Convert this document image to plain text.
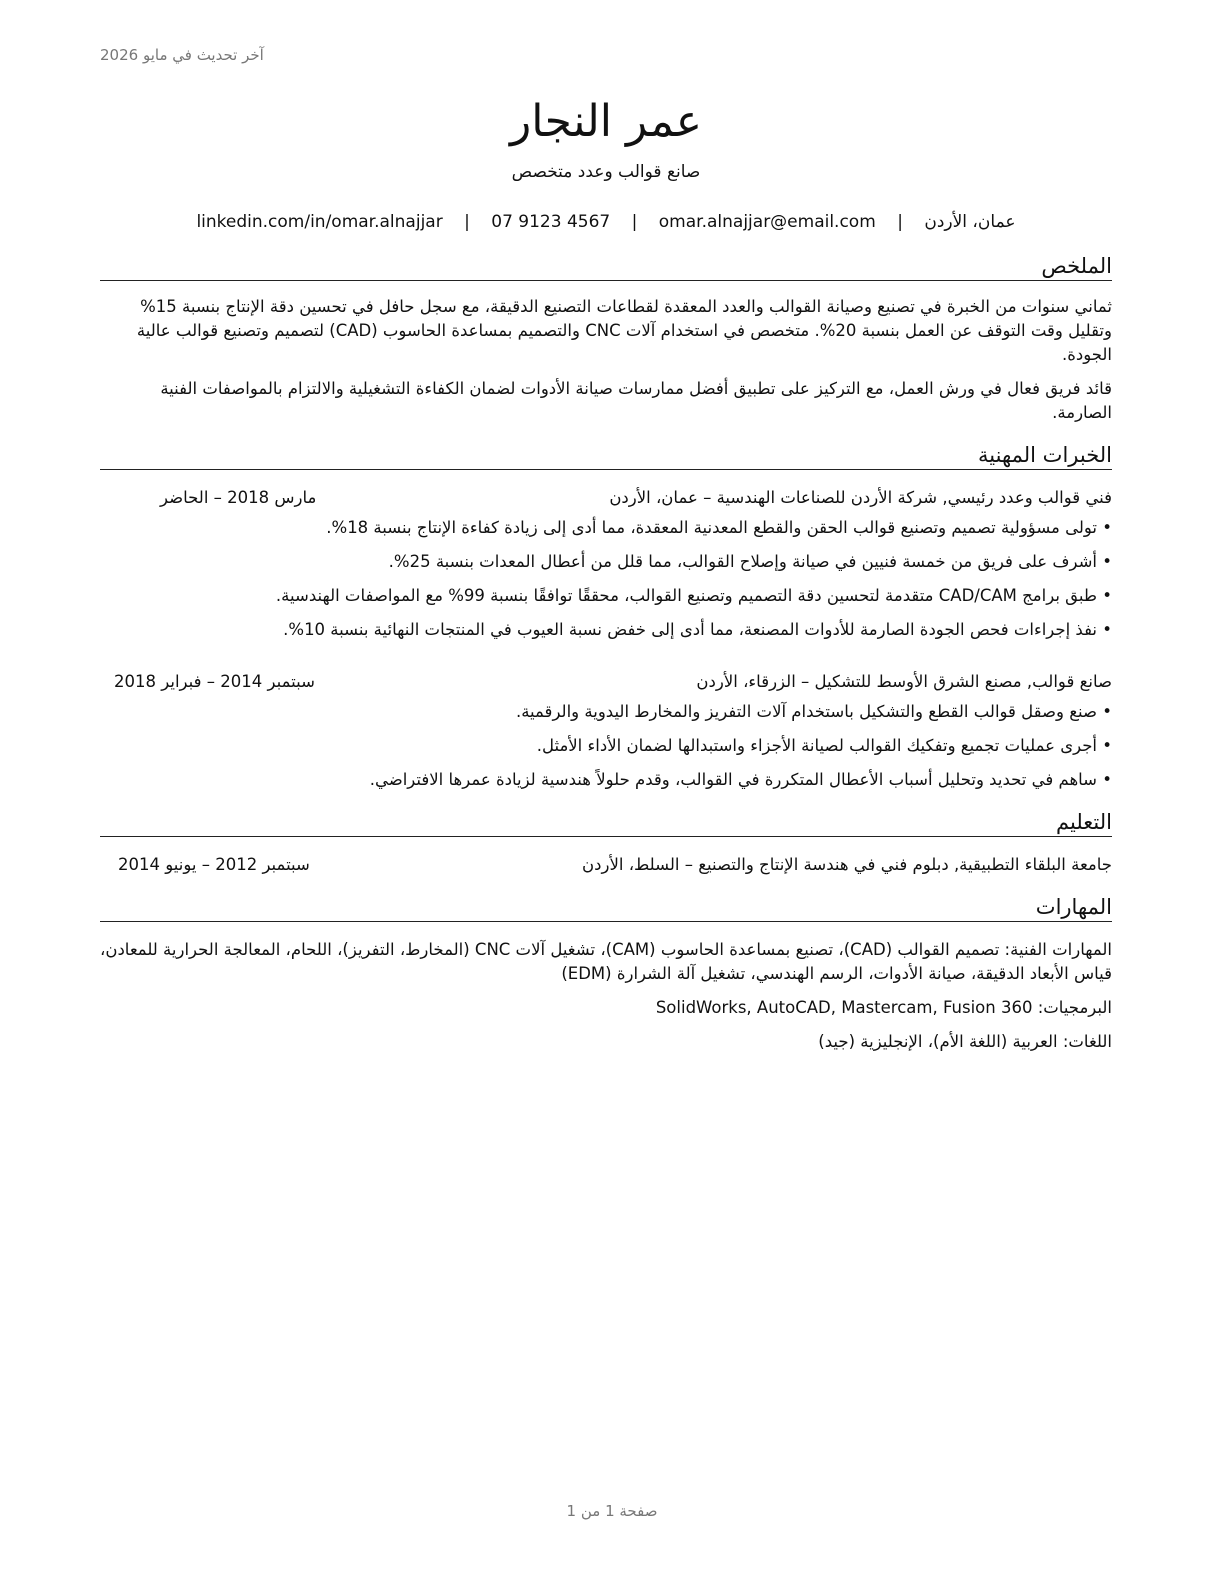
آخر تحديث في مايو 2026
عمر النجار
صانع قوالب وعدد متخصص
عمان، الأردن | omar.alnajjar@email.com | 07 9123 4567 | linkedin.com/in/omar.alnajjar
الملخص

ثماني سنوات من الخبرة في تصنيع وصيانة القوالب والعدد المعقدة لقطاعات التصنيع الدقيقة، مع سجل حافل في تحسين دقة الإنتاج بنسبة 15% وتقليل وقت التوقف عن العمل بنسبة 20%. متخصص في استخدام آلات CNC والتصميم بمساعدة الحاسوب (CAD) لتصميم وتصنيع قوالب عالية الجودة.

قائد فريق فعال في ورش العمل، مع التركيز على تطبيق أفضل ممارسات صيانة الأدوات لضمان الكفاءة التشغيلية والالتزام بالمواصفات الفنية الصارمة.

الخبرات المهنية
فني قوالب وعدد رئيسي, شركة الأردن للصناعات الهندسية – عمان، الأردن
مارس 2018 – الحاضر
• تولى مسؤولية تصميم وتصنيع قوالب الحقن والقطع المعدنية المعقدة، مما أدى إلى زيادة كفاءة الإنتاج بنسبة 18%.
• أشرف على فريق من خمسة فنيين في صيانة وإصلاح القوالب، مما قلل من أعطال المعدات بنسبة 25%.
• طبق برامج CAD/CAM متقدمة لتحسين دقة التصميم وتصنيع القوالب، محققًا توافقًا بنسبة 99% مع المواصفات الهندسية.
• نفذ إجراءات فحص الجودة الصارمة للأدوات المصنعة، مما أدى إلى خفض نسبة العيوب في المنتجات النهائية بنسبة 10%.
صانع قوالب, مصنع الشرق الأوسط للتشكيل – الزرقاء، الأردن
سبتمبر 2014 – فبراير 2018
• صنع وصقل قوالب القطع والتشكيل باستخدام آلات التفريز والمخارط اليدوية والرقمية.
• أجرى عمليات تجميع وتفكيك القوالب لصيانة الأجزاء واستبدالها لضمان الأداء الأمثل.
• ساهم في تحديد وتحليل أسباب الأعطال المتكررة في القوالب، وقدم حلولاً هندسية لزيادة عمرها الافتراضي.
التعليم
جامعة البلقاء التطبيقية, دبلوم فني في هندسة الإنتاج والتصنيع – السلط، الأردن
سبتمبر 2012 – يونيو 2014
المهارات

المهارات الفنية: تصميم القوالب (CAD)، تصنيع بمساعدة الحاسوب (CAM)، تشغيل آلات CNC (المخارط، التفريز)، اللحام، المعالجة الحرارية للمعادن، قياس الأبعاد الدقيقة، صيانة الأدوات، الرسم الهندسي، تشغيل آلة الشرارة (EDM)

البرمجيات: SolidWorks, AutoCAD, Mastercam, Fusion 360

اللغات: العربية (اللغة الأم)، الإنجليزية (جيد)

صفحة 1 من 1
